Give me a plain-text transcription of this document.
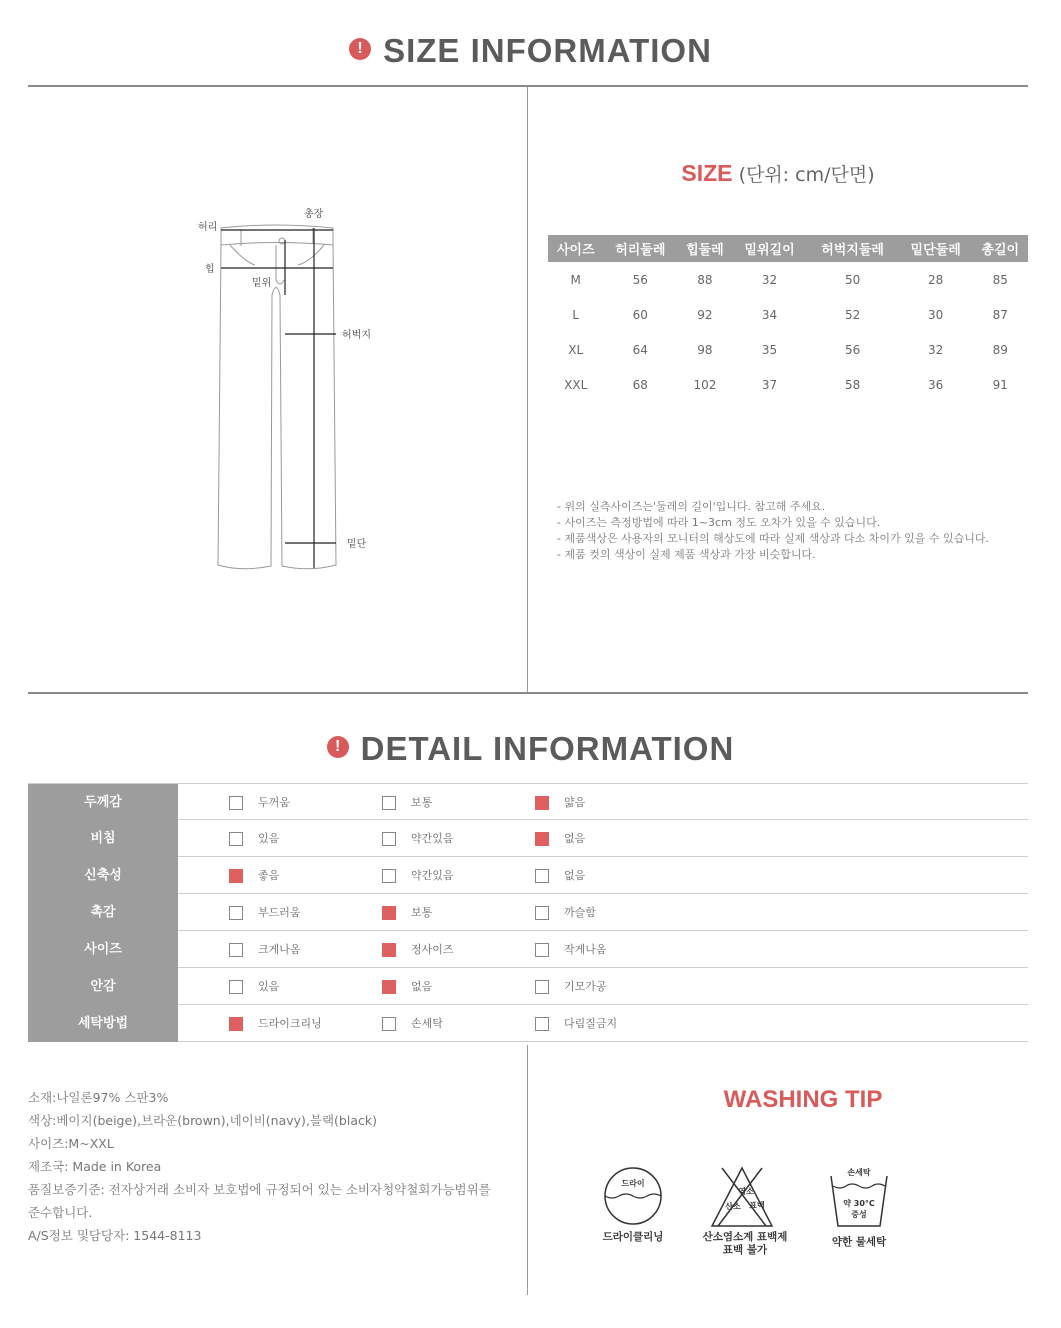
! SIZE INFORMATION
허리
총장
힙
밑위
허벅지
밑단
SIZE (단위: cm/단면)
사이즈	허리둘레	힙둘레	밑위길이	허벅지둘레	밑단둘레	총길이
M	56	88	32	50	28	85
L	60	92	34	52	30	87
XL	64	98	35	56	32	89
XXL	68	102	37	58	36	91
- 위의 실측사이즈는'둘레의 길이'입니다. 참고해 주세요.
- 사이즈는 측정방법에 따라 1~3cm 정도 오차가 있을 수 있습니다.
- 제품색상은 사용자의 모니터의 해상도에 따라 실제 색상과 다소 차이가 있을 수 있습니다.
- 제품 컷의 색상이 실제 제품 색상과 가장 비슷합니다.
! DETAIL INFORMATION
두께감	두꺼움	보통	얇음
비침	있음	약간있음	없음
신축성	좋음	약간있음	없음
촉감	부드러움	보통	까슬함
사이즈	크게나옴	정사이즈	작게나옴
안감	있음	없음	기모가공
세탁방법	드라이크리닝	손세탁	다림질금지
소재:나일론97% 스판3%
색상:베이지(beige),브라운(brown),네이비(navy),블랙(black)
사이즈:M~XXL
제조국: Made in Korea
품질보증기준: 전자상거래 소비자 보호법에 규정되어 있는 소비자청약철회가능범위를
준수합니다.
A/S정보 및담당자: 1544-8113
WASHING TIP
드라이
드라이클리닝
염소
산소 표백
산소염소계 표백제
표백 불가
손세탁
약 30°C
중성
약한 물세탁
